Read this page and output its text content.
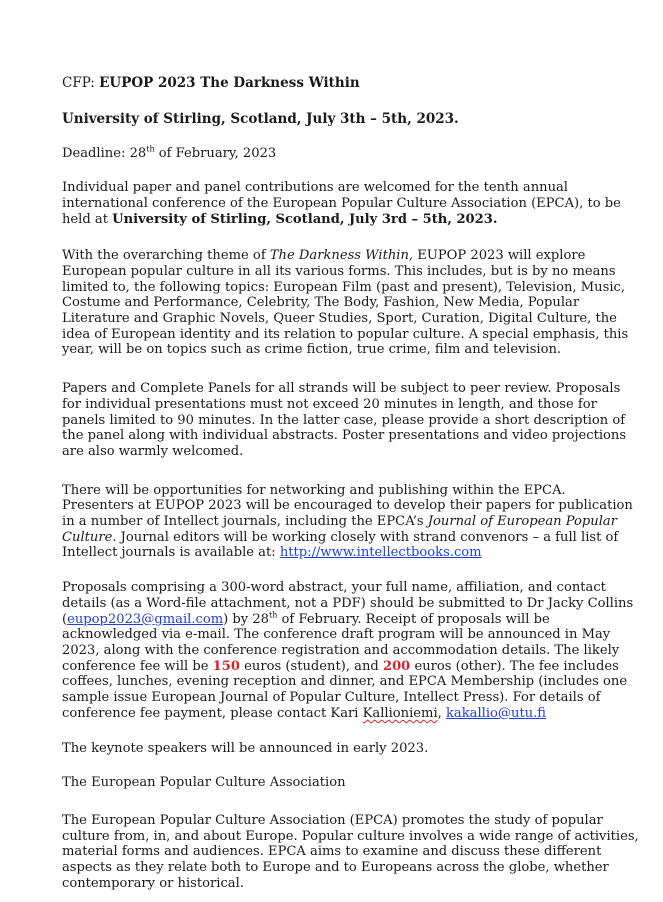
CFP: EUPOP 2023 The Darkness Within

University of Stirling, Scotland, July 3th – 5th, 2023.

Deadline: 28th of February, 2023

Individual paper and panel contributions are welcomed for the tenth annual international conference of the European Popular Culture Association (EPCA), to be held at University of Stirling, Scotland, July 3rd – 5th, 2023.

With the overarching theme of The Darkness Within, EUPOP 2023 will explore European popular culture in all its various forms. This includes, but is by no means limited to, the following topics: European Film (past and present), Television, Music, Costume and Performance, Celebrity, The Body, Fashion, New Media, Popular Literature and Graphic Novels, Queer Studies, Sport, Curation, Digital Culture, the idea of European identity and its relation to popular culture. A special emphasis, this year, will be on topics such as crime fiction, true crime, film and television.

Papers and Complete Panels for all strands will be subject to peer review. Proposals for individual presentations must not exceed 20 minutes in length, and those for panels limited to 90 minutes. In the latter case, please provide a short description of the panel along with individual abstracts. Poster presentations and video projections are also warmly welcomed.

There will be opportunities for networking and publishing within the EPCA. Presenters at EUPOP 2023 will be encouraged to develop their papers for publication in a number of Intellect journals, including the EPCA’s Journal of European Popular Culture. Journal editors will be working closely with strand convenors – a full list of Intellect journals is available at: http://www.intellectbooks.com

Proposals comprising a 300-word abstract, your full name, affiliation, and contact details (as a Word-file attachment, not a PDF) should be submitted to Dr Jacky Collins (eupop2023@gmail.com) by 28th of February. Receipt of proposals will be acknowledged via e-mail. The conference draft program will be announced in May 2023, along with the conference registration and accommodation details. The likely conference fee will be 150 euros (student), and 200 euros (other). The fee includes coffees, lunches, evening reception and dinner, and EPCA Membership (includes one sample issue European Journal of Popular Culture, Intellect Press). For details of conference fee payment, please contact Kari Kallioniemi, kakallio@utu.fi

The keynote speakers will be announced in early 2023.

The European Popular Culture Association

The European Popular Culture Association (EPCA) promotes the study of popular culture from, in, and about Europe. Popular culture involves a wide range of activities, material forms and audiences. EPCA aims to examine and discuss these different aspects as they relate both to Europe and to Europeans across the globe, whether contemporary or historical.
